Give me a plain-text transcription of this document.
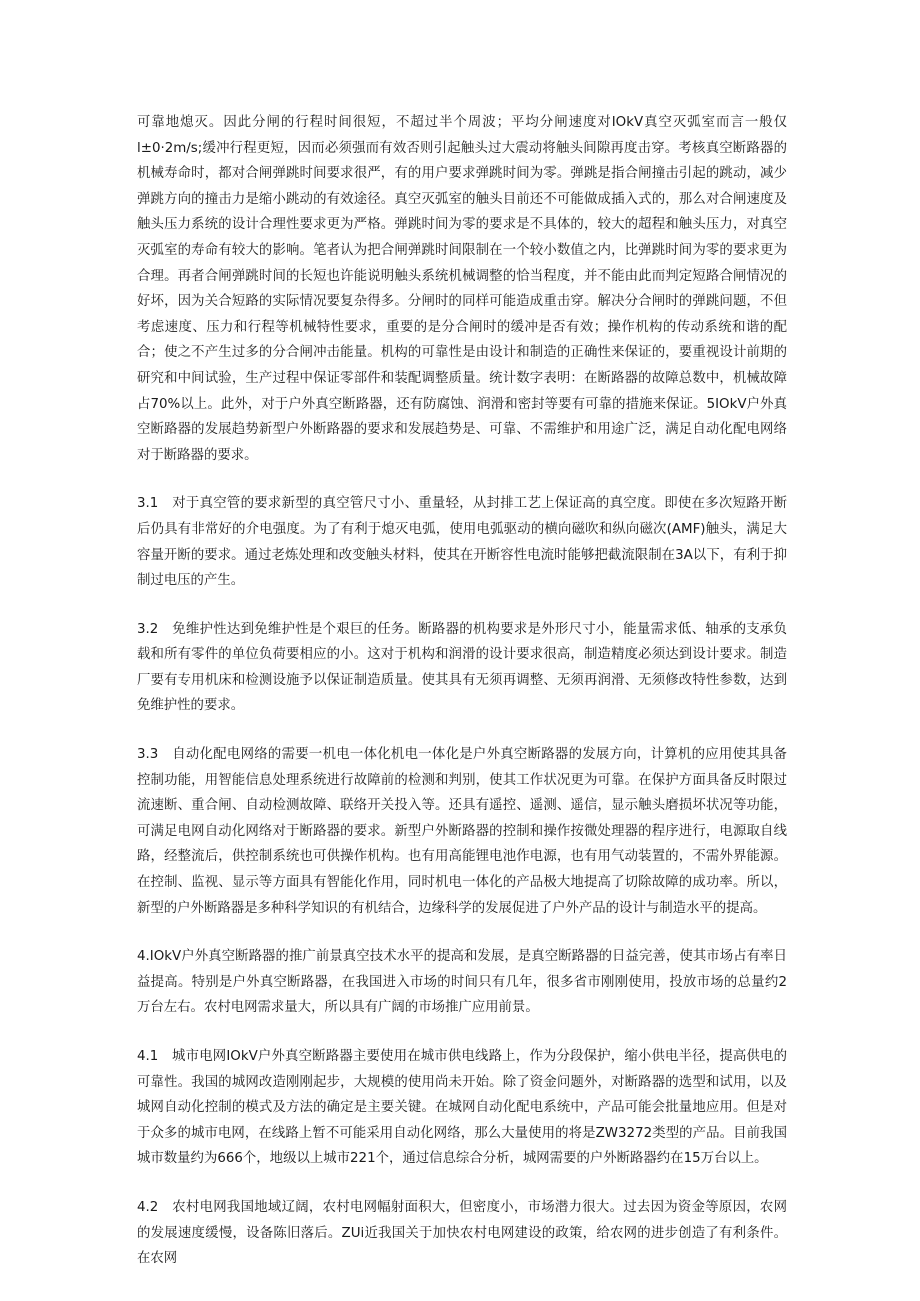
可靠地熄灭。因此分闸的行程时间很短，不超过半个周波；平均分闸速度对IOkV真空灭弧室而言一般仅l±0·2m∕s;缓冲行程更短，因而必须强而有效否则引起触头过大震动将触头间隙再度击穿。考核真空断路器的机械寿命时，都对合闸弹跳时间要求很严，有的用户要求弹跳时间为零。弹跳是指合闸撞击引起的跳动，减少弹跳方向的撞击力是缩小跳动的有效途径。真空灭弧室的触头目前还不可能做成插入式的，那么对合闸速度及触头压力系统的设计合理性要求更为严格。弹跳时间为零的要求是不具体的，较大的超程和触头压力，对真空灭弧室的寿命有较大的影响。笔者认为把合闸弹跳时间限制在一个较小数值之内，比弹跳时间为零的要求更为合理。再者合闸弹跳时间的长短也许能说明触头系统机械调整的恰当程度，并不能由此而判定短路合闸情况的好坏，因为关合短路的实际情况要复杂得多。分闸时的同样可能造成重击穿。解决分合闸时的弹跳问题，不但考虑速度、压力和行程等机械特性要求，重要的是分合闸时的缓冲是否有效；操作机构的传动系统和谐的配合；使之不产生过多的分合闸冲击能量。机构的可靠性是由设计和制造的正确性来保证的，要重视设计前期的研究和中间试验，生产过程中保证零部件和装配调整质量。统计数字表明：在断路器的故障总数中，机械故障占70%以上。此外，对于户外真空断路器，还有防腐蚀、润滑和密封等要有可靠的措施来保证。5IOkV户外真空断路器的发展趋势新型户外断路器的要求和发展趋势是、可靠、不需维护和用途广泛，满足自动化配电网络对于断路器的要求。

3.1　对于真空管的要求新型的真空管尺寸小、重量轻，从封排工艺上保证高的真空度。即使在多次短路开断后仍具有非常好的介电强度。为了有利于熄灭电弧，使用电弧驱动的横向磁吹和纵向磁次(AMF)触头，满足大容量开断的要求。通过老炼处理和改变触头材料，使其在开断容性电流时能够把截流限制在3A以下，有利于抑制过电压的产生。

3.2　免维护性达到免维护性是个艰巨的任务。断路器的机构要求是外形尺寸小，能量需求低、轴承的支承负载和所有零件的单位负荷要相应的小。这对于机构和润滑的设计要求很高，制造精度必须达到设计要求。制造厂要有专用机床和检测设施予以保证制造质量。使其具有无须再调整、无须再润滑、无须修改特性参数，达到免维护性的要求。

3.3　自动化配电网络的需要一机电一体化机电一体化是户外真空断路器的发展方向，计算机的应用使其具备控制功能，用智能信息处理系统进行故障前的检测和判别，使其工作状况更为可靠。在保护方面具备反时限过流速断、重合闸、自动检测故障、联络开关投入等。还具有遥控、遥测、遥信，显示触头磨损坏状况等功能，可满足电网自动化网络对于断路器的要求。新型户外断路器的控制和操作按微处理器的程序进行，电源取自线路，经整流后，供控制系统也可供操作机构。也有用高能锂电池作电源，也有用气动装置的，不需外界能源。在控制、监视、显示等方面具有智能化作用，同时机电一体化的产品极大地提高了切除故障的成功率。所以，新型的户外断路器是多种科学知识的有机结合，边缘科学的发展促进了户外产品的设计与制造水平的提高。

4.IOkV户外真空断路器的推广前景真空技术水平的提高和发展，是真空断路器的日益完善，使其市场占有率日益提高。特别是户外真空断路器，在我国进入市场的时间只有几年，很多省市刚刚使用，投放市场的总量约2万台左右。农村电网需求量大，所以具有广阔的市场推广应用前景。

4.1　城市电网IOkV户外真空断路器主要使用在城市供电线路上，作为分段保护，缩小供电半径，提高供电的可靠性。我国的城网改造刚刚起步，大规模的使用尚未开始。除了资金问题外，对断路器的选型和试用，以及城网自动化控制的模式及方法的确定是主要关键。在城网自动化配电系统中，产品可能会批量地应用。但是对于众多的城市电网，在线路上暂不可能采用自动化网络，那么大量使用的将是ZW3272类型的产品。目前我国城市数量约为666个，地级以上城市221个，通过信息综合分析，城网需要的户外断路器约在15万台以上。

4.2　农村电网我国地域辽阔，农村电网幅射面积大，但密度小，市场潜力很大。过去因为资金等原因，农网的发展速度缓慢，设备陈旧落后。ZUi近我国关于加快农村电网建设的政策，给农网的进步创造了有利条件。在农网
